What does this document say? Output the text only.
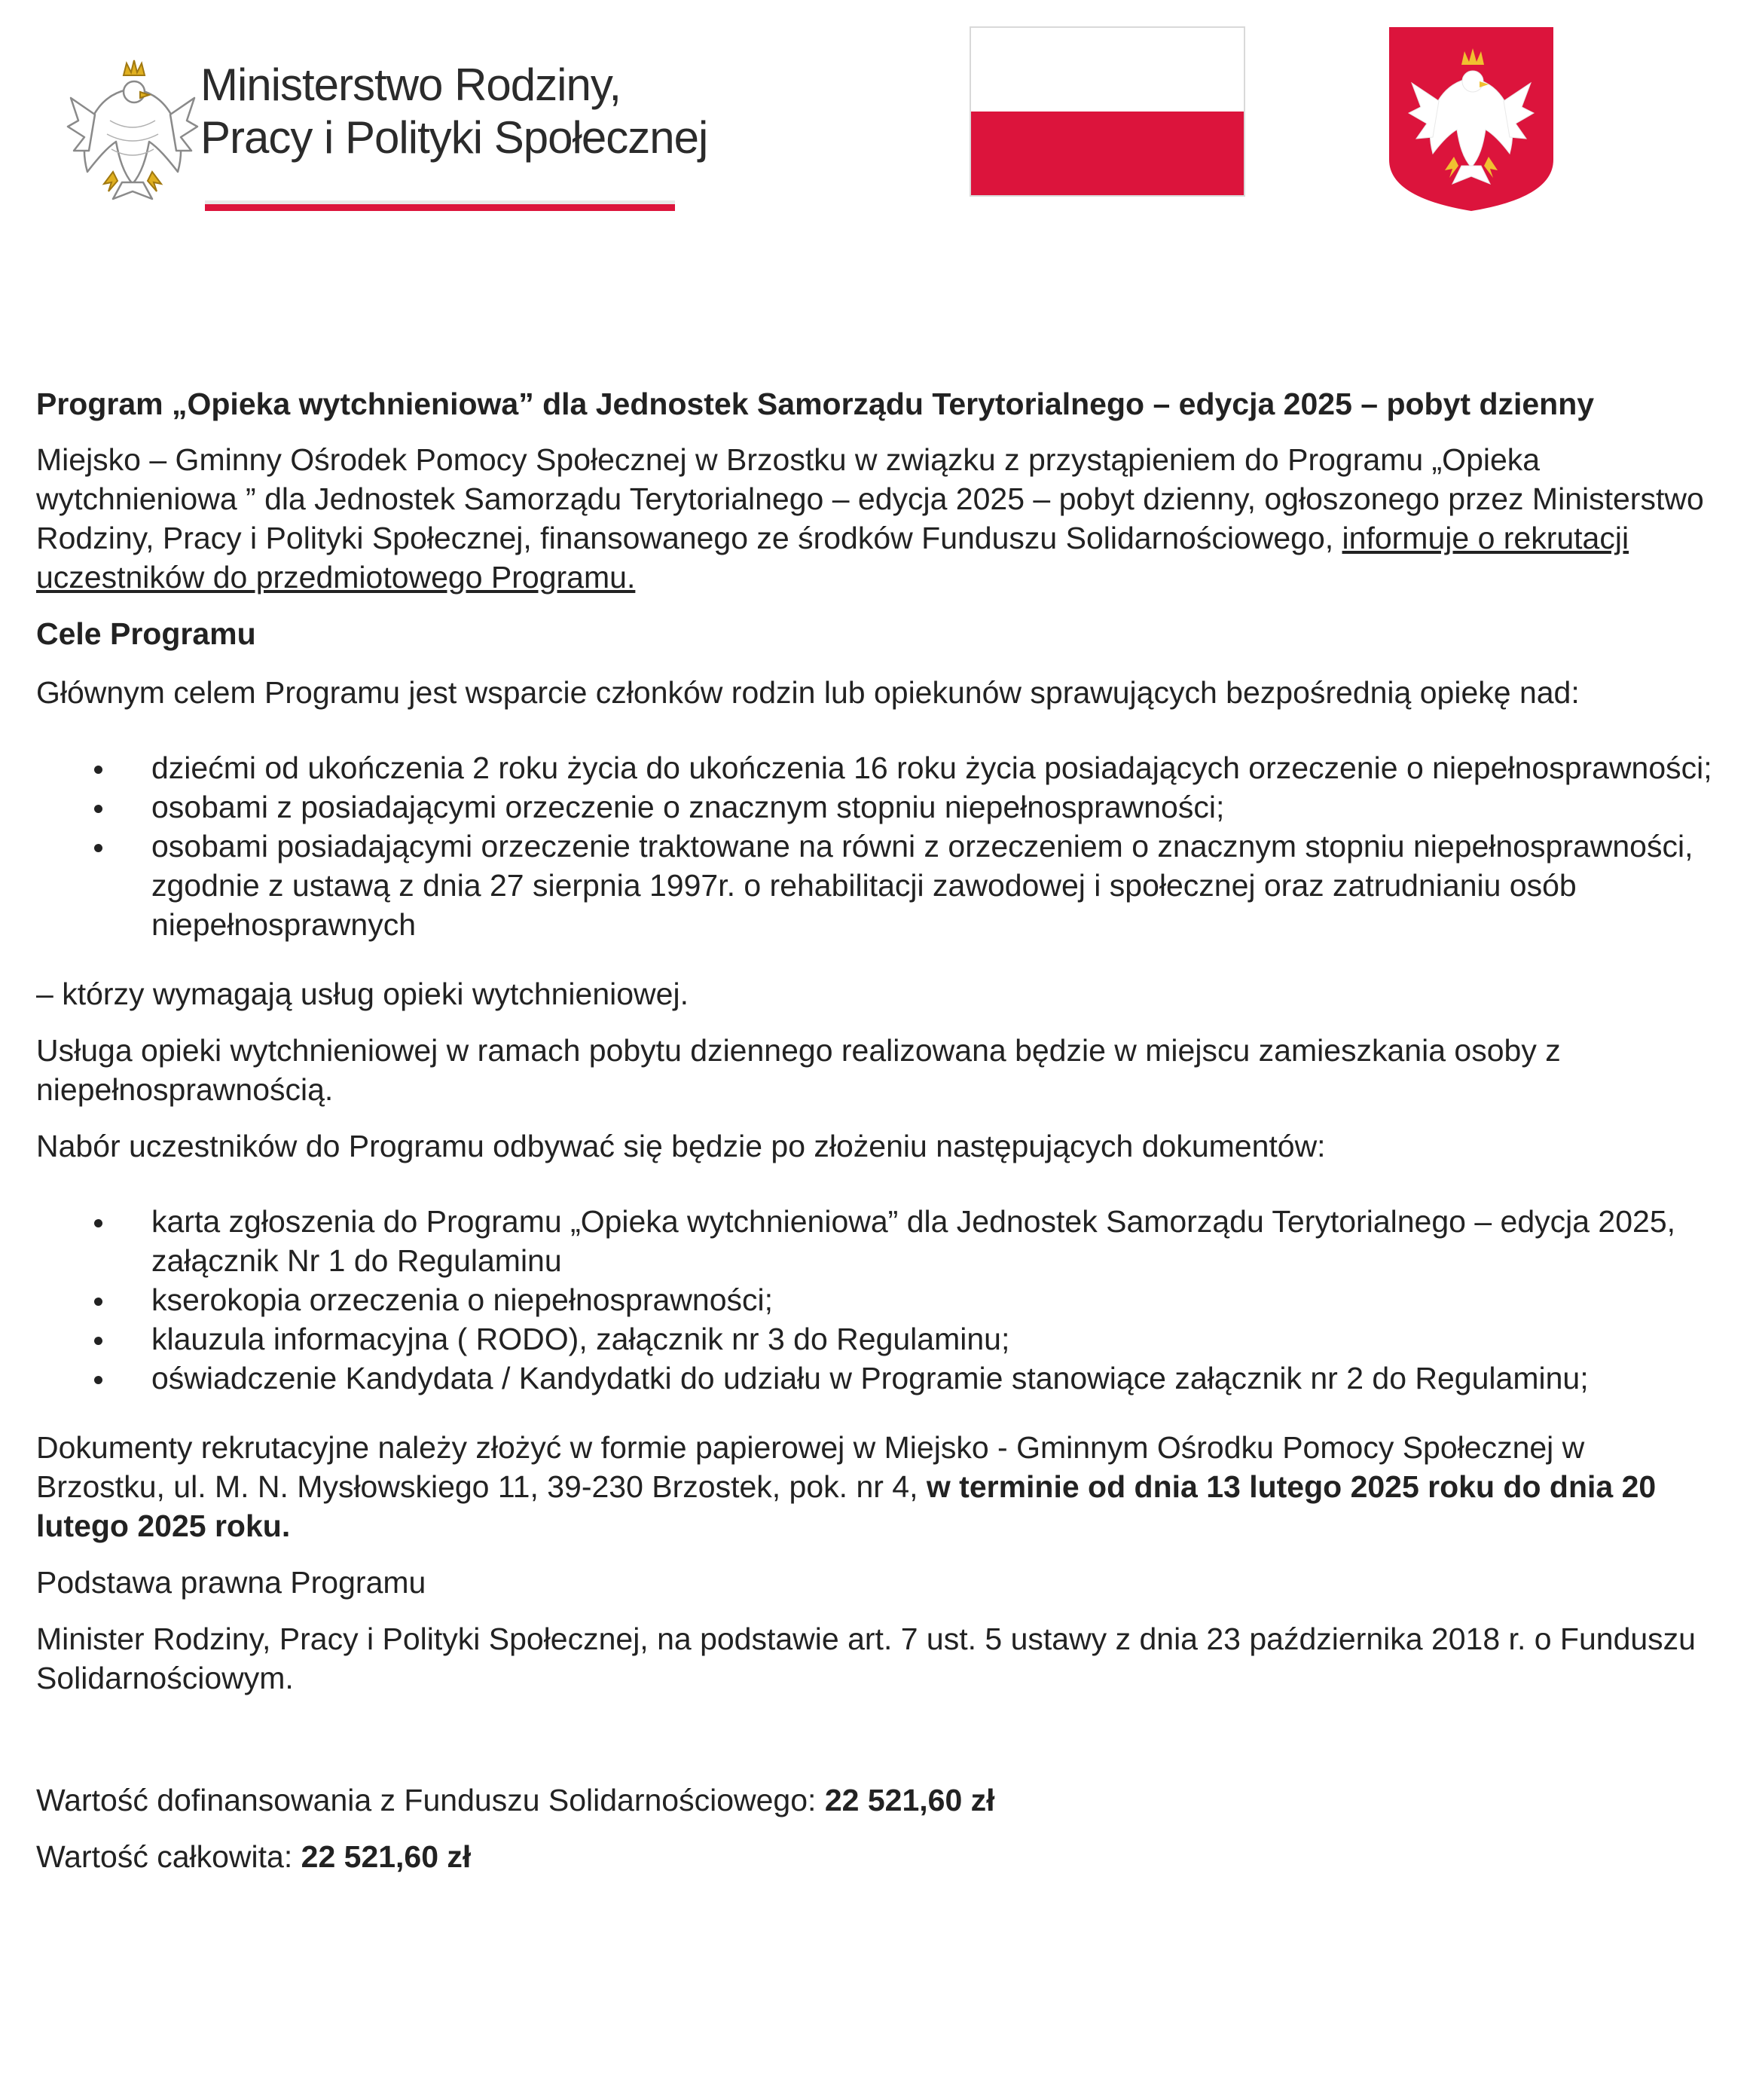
Ministerstwo Rodziny,
Pracy i Polityki Społecznej

Program „Opieka wytchnieniowa” dla Jednostek Samorządu Terytorialnego – edycja 2025 – pobyt dzienny

Miejsko – Gminny Ośrodek Pomocy Społecznej w Brzostku w związku z przystąpieniem do Programu „Opieka wytchnieniowa ” dla Jednostek Samorządu Terytorialnego – edycja 2025 – pobyt dzienny, ogłoszonego przez Ministerstwo Rodziny, Pracy i Polityki Społecznej, finansowanego ze środków Funduszu Solidarnościowego, informuje o rekrutacji uczestników do przedmiotowego Programu.

Cele Programu

Głównym celem Programu jest wsparcie członków rodzin lub opiekunów sprawujących bezpośrednią opiekę nad:

dziećmi od ukończenia 2 roku życia do ukończenia 16 roku życia posiadających orzeczenie o niepełnosprawności;
osobami z posiadającymi orzeczenie o znacznym stopniu niepełnosprawności;
osobami posiadającymi orzeczenie traktowane na równi z orzeczeniem o znacznym stopniu niepełnosprawności, zgodnie z ustawą z dnia 27 sierpnia 1997r. o rehabilitacji zawodowej i społecznej oraz zatrudnianiu osób niepełnosprawnych

– którzy wymagają usług opieki wytchnieniowej.

Usługa opieki wytchnieniowej w ramach pobytu dziennego realizowana będzie w miejscu zamieszkania osoby z niepełnosprawnością.

Nabór uczestników do Programu odbywać się będzie po złożeniu następujących dokumentów:

karta zgłoszenia do Programu „Opieka wytchnieniowa” dla Jednostek Samorządu Terytorialnego – edycja 2025, załącznik Nr 1 do Regulaminu
kserokopia orzeczenia o niepełnosprawności;
klauzula informacyjna ( RODO), załącznik nr 3 do Regulaminu;
oświadczenie Kandydata / Kandydatki do udziału w Programie stanowiące załącznik nr 2 do Regulaminu;

Dokumenty rekrutacyjne należy złożyć w formie papierowej w Miejsko - Gminnym Ośrodku Pomocy Społecznej w Brzostku, ul. M. N. Mysłowskiego 11, 39-230 Brzostek, pok. nr 4, w terminie od dnia 13 lutego 2025 roku do dnia 20 lutego 2025 roku.

Podstawa prawna Programu

Minister Rodziny, Pracy i Polityki Społecznej, na podstawie art. 7 ust. 5 ustawy z dnia 23 października 2018 r. o Funduszu Solidarnościowym.

Wartość dofinansowania z Funduszu Solidarnościowego: 22 521,60 zł

Wartość całkowita: 22 521,60 zł
